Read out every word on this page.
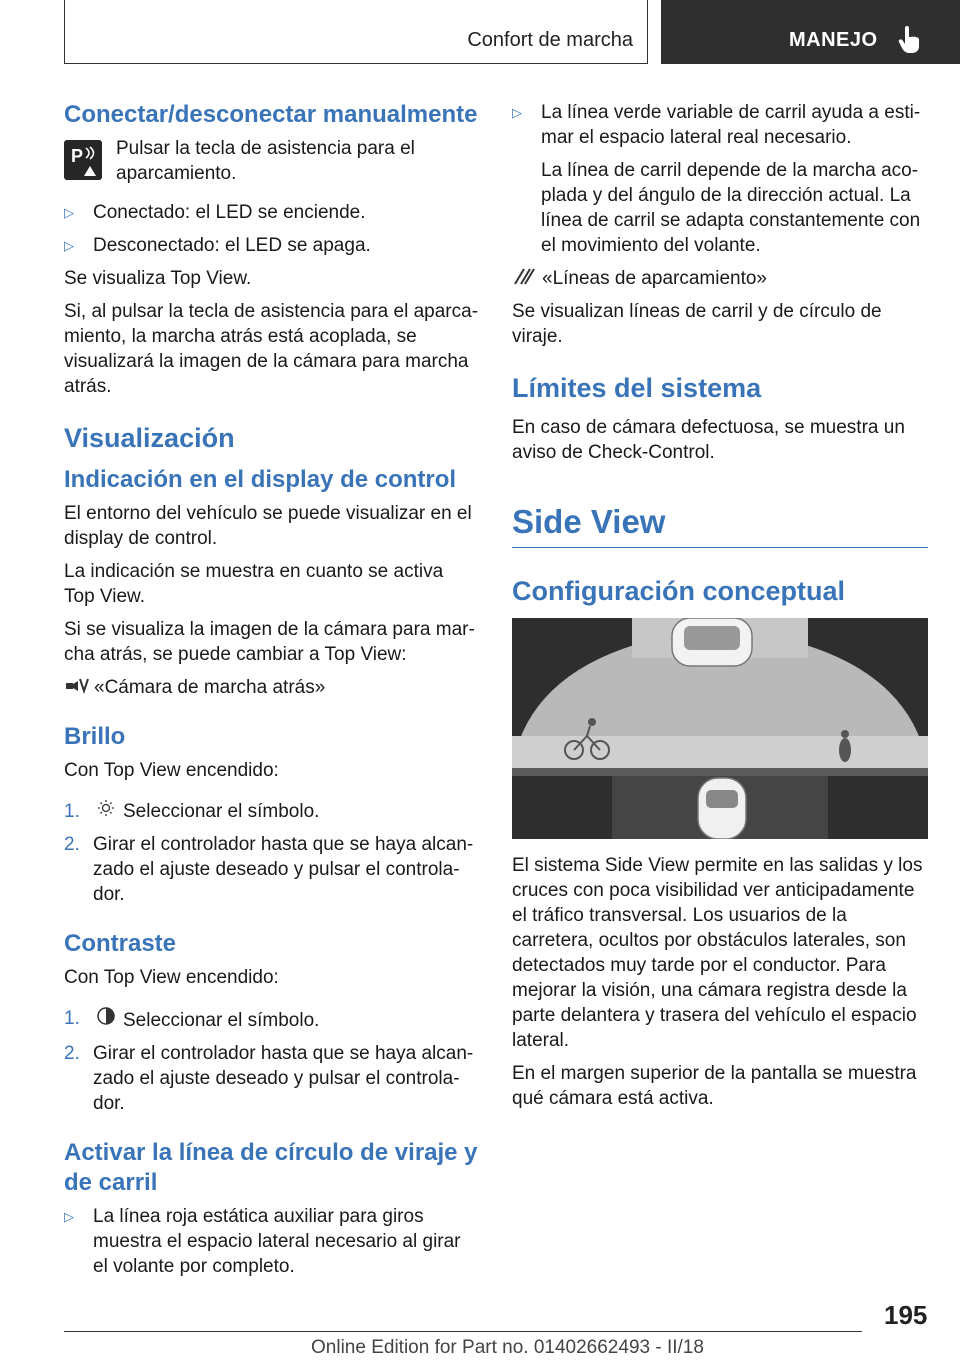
Confort de marcha	MANEJO
Conectar/desconectar manualmente
P Pulsar la tecla de asistencia para el aparcamiento.

▷	Conectado: el LED se enciende.
▷	Desconectado: el LED se apaga.

Se visualiza Top View.

Si, al pulsar la tecla de asistencia para el aparcamiento, la marcha atrás está acoplada, se visualizará la imagen de la cámara para marcha atrás.

Visualización
Indicación en el display de control

El entorno del vehículo se puede visualizar en el display de control.

La indicación se muestra en cuanto se activa Top View.

Si se visualiza la imagen de la cámara para marcha atrás, se puede cambiar a Top View:

«Cámara de marcha atrás»
Brillo

Con Top View encendido:

1.	Seleccionar el símbolo.
2. Girar el controlador hasta que se haya alcanzado el ajuste deseado y pulsar el controlador.
Contraste

Con Top View encendido:

1.	Seleccionar el símbolo.
2. Girar el controlador hasta que se haya alcanzado el ajuste deseado y pulsar el controlador.
Activar la línea de círculo de viraje y de carril
▷	La línea roja estática auxiliar para giros muestra el espacio lateral necesario al girar el volante por completo.
▷	La línea verde variable de carril ayuda a estimar el espacio lateral real necesario.

La línea de carril depende de la marcha acoplada y del ángulo de la dirección actual. La línea de carril se adapta constantemente con el movimiento del volante.

«Líneas de aparcamiento»

Se visualizan líneas de carril y de círculo de viraje.

Límites del sistema

En caso de cámara defectuosa, se muestra un aviso de Check-Control.

Side View
Configuración conceptual

El sistema Side View permite en las salidas y los cruces con poca visibilidad ver anticipadamente el tráfico transversal. Los usuarios de la carretera, ocultos por obstáculos laterales, son detectados muy tarde por el conductor. Para mejorar la visión, una cámara registra desde la parte delantera y trasera del vehículo el espacio lateral.

En el margen superior de la pantalla se muestra qué cámara está activa.

195
Online Edition for Part no. 01402662493 - II/18
